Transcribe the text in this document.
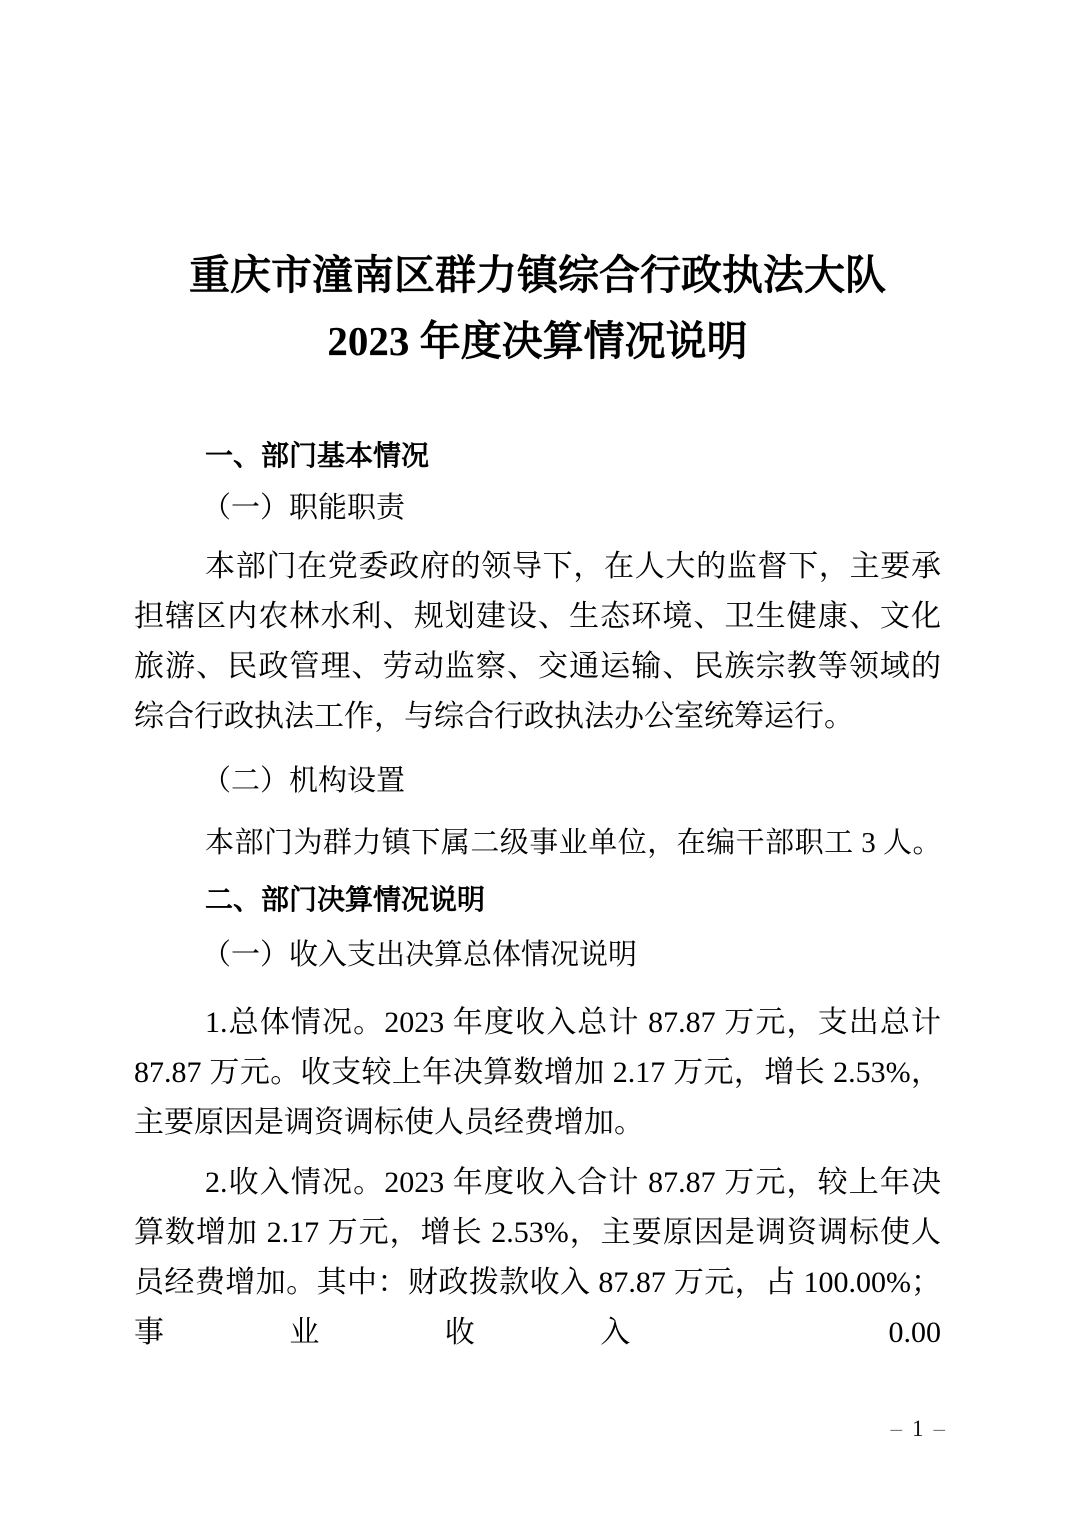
重庆市潼南区群力镇综合行政执法大队
2023 年度决算情况说明
一、部门基本情况
（一）职能职责

本部门在党委政府的领导下，在人大的监督下，主要承担辖区内农林水利、规划建设、生态环境、卫生健康、文化旅游、民政管理、劳动监察、交通运输、民族宗教等领域的综合行政执法工作，与综合行政执法办公室统筹运行。

（二）机构设置

本部门为群力镇下属二级事业单位，在编干部职工 3 人。

二、部门决算情况说明
（一）收入支出决算总体情况说明

1.总体情况。2023 年度收入总计 87.87 万元，支出总计 87.87 万元。收支较上年决算数增加 2.17 万元，增长 2.53%，主要原因是调资调标使人员经费增加。

2.收入情况。2023 年度收入合计 87.87 万元，较上年决算数增加 2.17 万元，增长 2.53%，主要原因是调资调标使人员经费增加。其中：财政拨款收入 87.87 万元，占 100.00%；事业收入 0.00

– 1 –
